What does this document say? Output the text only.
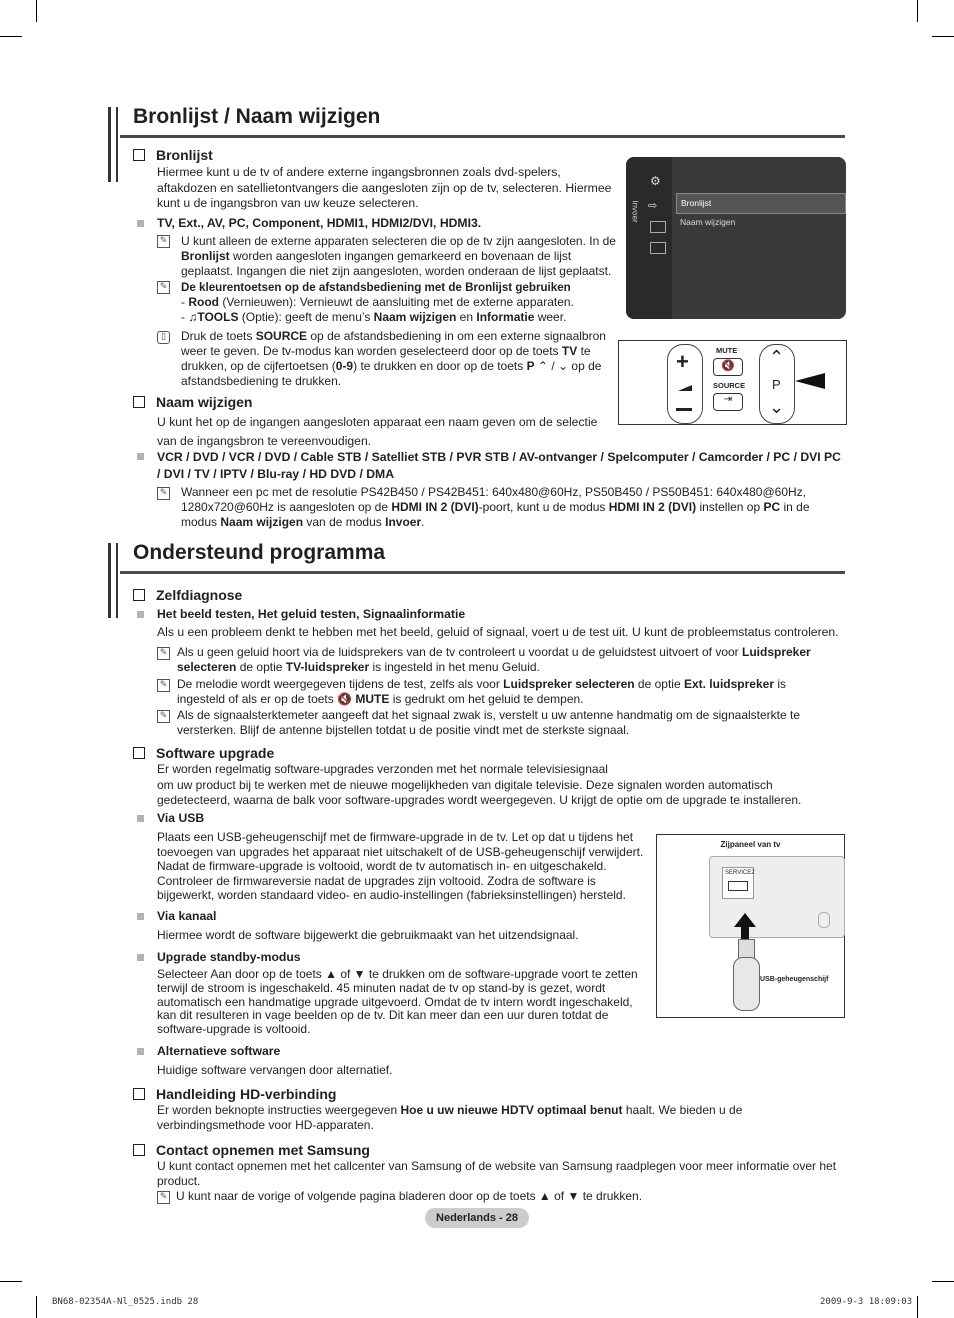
Bronlijst / Naam wijzigen
Bronlijst

Hiermee kunt u de tv of andere externe ingangsbronnen zoals dvd-spelers, aftakdozen en satellietontvangers die aangesloten zijn op de tv, selecteren. Hiermee kunt u de ingangsbron van uw keuze selecteren.

TV, Ext., AV, PC, Component, HDMI1, HDMI2/DVI, HDMI3.

✎ U kunt alleen de externe apparaten selecteren die op de tv zijn aangesloten. In de Bronlijst worden aangesloten ingangen gemarkeerd en bovenaan de lijst geplaatst. Ingangen die niet zijn aangesloten, worden onderaan de lijst geplaatst.

✎ De kleurentoetsen op de afstandsbediening met de Bronlijst gebruiken

- Rood (Vernieuwen): Vernieuwt de aansluiting met de externe apparaten.

- ♫TOOLS (Optie): geeft de menu’s Naam wijzigen en Informatie weer.

▯	Druk de toets SOURCE op de afstandsbediening in om een externe signaalbron weer te geven. De tv-modus kan worden geselecteerd door op de toets TV te drukken, op de cijfertoetsen (0-9) te drukken en door op de toets P ⌃ / ⌄ op de afstandsbediening te drukken.

⚙
⇨
Invoer	Bronlijst
Naam wijzigen
+	MUTE
🔇
SOURCE
⇥
⌃
P
⌄
Naam wijzigen

U kunt het op de ingangen aangesloten apparaat een naam geven om de selectie van de ingangsbron te vereenvoudigen.

VCR / DVD / VCR / DVD / Cable STB / Satelliet STB / PVR STB / AV-ontvanger / Spelcomputer / Camcorder / PC / DVI PC / DVI / TV / IPTV / Blu-ray / HD DVD / DMA

✎ Wanneer een pc met de resolutie PS42B450 / PS42B451: 640x480@60Hz, PS50B450 / PS50B451: 640x480@60Hz, 1280x720@60Hz is aangesloten op de HDMI IN 2 (DVI)-poort, kunt u de modus HDMI IN 2 (DVI) instellen op PC in de modus Naam wijzigen van de modus Invoer.

Ondersteund programma
Zelfdiagnose

Het beeld testen, Het geluid testen, Signaalinformatie

Als u een probleem denkt te hebben met het beeld, geluid of signaal, voert u de test uit. U kunt de probleemstatus controleren.

✎ Als u geen geluid hoort via de luidsprekers van de tv controleert u voordat u de geluidstest uitvoert of voor Luidspreker selecteren de optie TV-luidspreker is ingesteld in het menu Geluid.

✎ De melodie wordt weergegeven tijdens de test, zelfs als voor Luidspreker selecteren de optie Ext. luidspreker is ingesteld of als er op de toets 🔇 MUTE is gedrukt om het geluid te dempen.

✎ Als de signaalsterktemeter aangeeft dat het signaal zwak is, verstelt u uw antenne handmatig om de signaalsterkte te versterken. Blijf de antenne bijstellen totdat u de positie vindt met de sterkste signaal.

Software upgrade

Er worden regelmatig software-upgrades verzonden met het normale televisiesignaal

om uw product bij te werken met de nieuwe mogelijkheden van digitale televisie. Deze signalen worden automatisch gedetecteerd, waarna de balk voor software-upgrades wordt weergegeven. U krijgt de optie om de upgrade te installeren.

Via USB

Plaats een USB-geheugenschijf met de firmware-upgrade in de tv. Let op dat u tijdens het toevoegen van upgrades het apparaat niet uitschakelt of de USB-geheugenschijf verwijdert. Nadat de firmware-upgrade is voltooid, wordt de tv automatisch in- en uitgeschakeld. Controleer de firmwareversie nadat de upgrades zijn voltooid. Zodra de software is bijgewerkt, worden standaard video- en audio-instellingen (fabrieksinstellingen) hersteld.

Via kanaal

Hiermee wordt de software bijgewerkt die gebruikmaakt van het uitzendsignaal.

Upgrade standby-modus

Selecteer Aan door op de toets ▲ of ▼ te drukken om de software-upgrade voort te zetten terwijl de stroom is ingeschakeld. 45 minuten nadat de tv op stand-by is gezet, wordt automatisch een handmatige upgrade uitgevoerd. Omdat de tv intern wordt ingeschakeld, kan dit resulteren in vage beelden op de tv. Dit kan meer dan een uur duren totdat de software-upgrade is voltooid.

Alternatieve software

Huidige software vervangen door alternatief.

Zijpaneel van tv
SERVICE2
USB-geheugenschijf
Handleiding HD-verbinding

Er worden beknopte instructies weergegeven Hoe u uw nieuwe HDTV optimaal benut haalt. We bieden u de verbindingsmethode voor HD-apparaten.

Contact opnemen met Samsung

U kunt contact opnemen met het callcenter van Samsung of de website van Samsung raadplegen voor meer informatie over het product.

✎ U kunt naar de vorige of volgende pagina bladeren door op de toets ▲ of ▼ te drukken.

Nederlands - 28
BN68-02354A-Nl_0525.indb 28	2009-9-3 18:09:03
